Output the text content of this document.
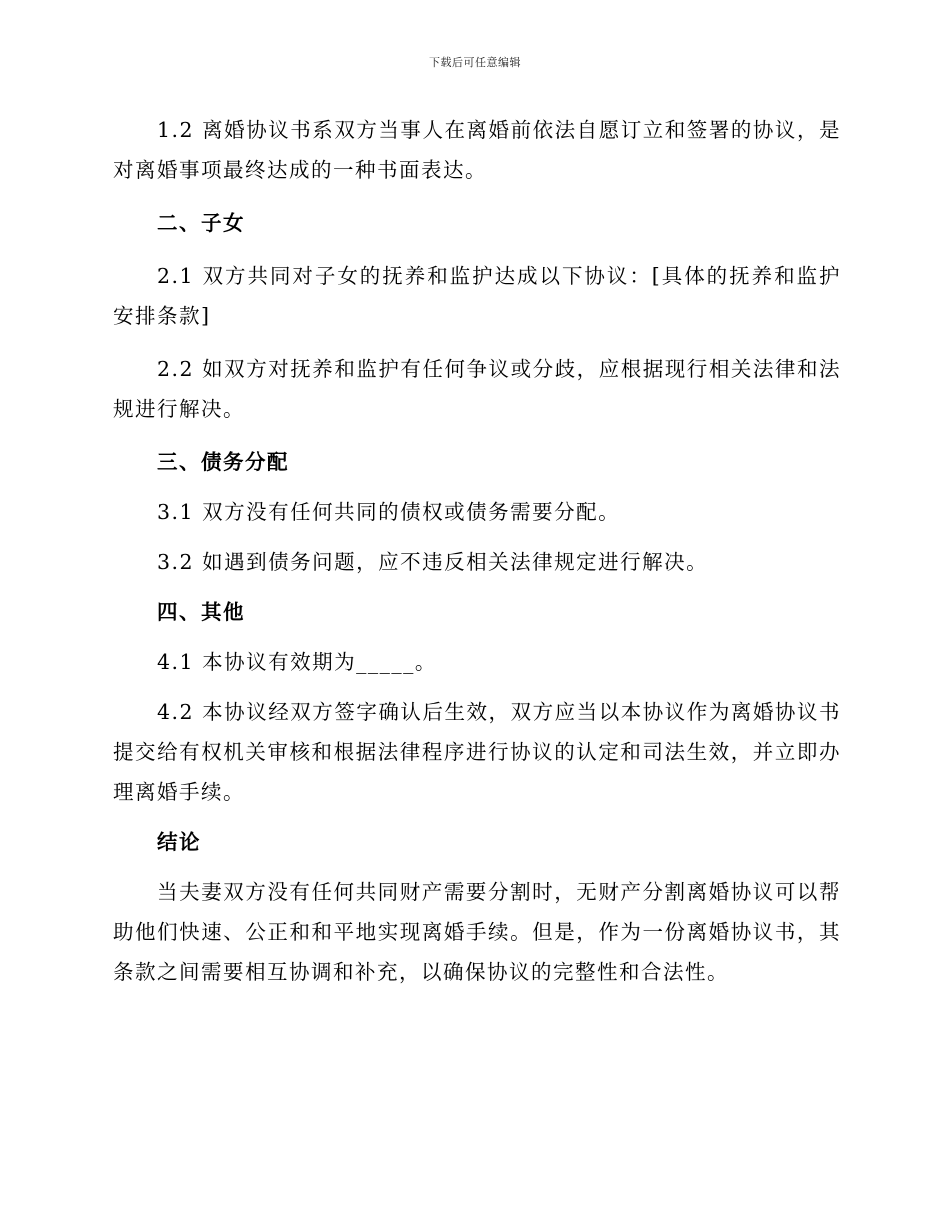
下载后可任意编辑

1.2 离婚协议书系双方当事人在离婚前依法自愿订立和签署的协议，是对离婚事项最终达成的一种书面表达。

二、子女

2.1 双方共同对子女的抚养和监护达成以下协议：[具体的抚养和监护安排条款]

2.2 如双方对抚养和监护有任何争议或分歧，应根据现行相关法律和法规进行解决。

三、债务分配

3.1 双方没有任何共同的债权或债务需要分配。

3.2 如遇到债务问题，应不违反相关法律规定进行解决。

四、其他

4.1 本协议有效期为_____。

4.2 本协议经双方签字确认后生效，双方应当以本协议作为离婚协议书提交给有权机关审核和根据法律程序进行协议的认定和司法生效，并立即办理离婚手续。

结论

当夫妻双方没有任何共同财产需要分割时，无财产分割离婚协议可以帮助他们快速、公正和和平地实现离婚手续。但是，作为一份离婚协议书，其条款之间需要相互协调和补充，以确保协议的完整性和合法性。
